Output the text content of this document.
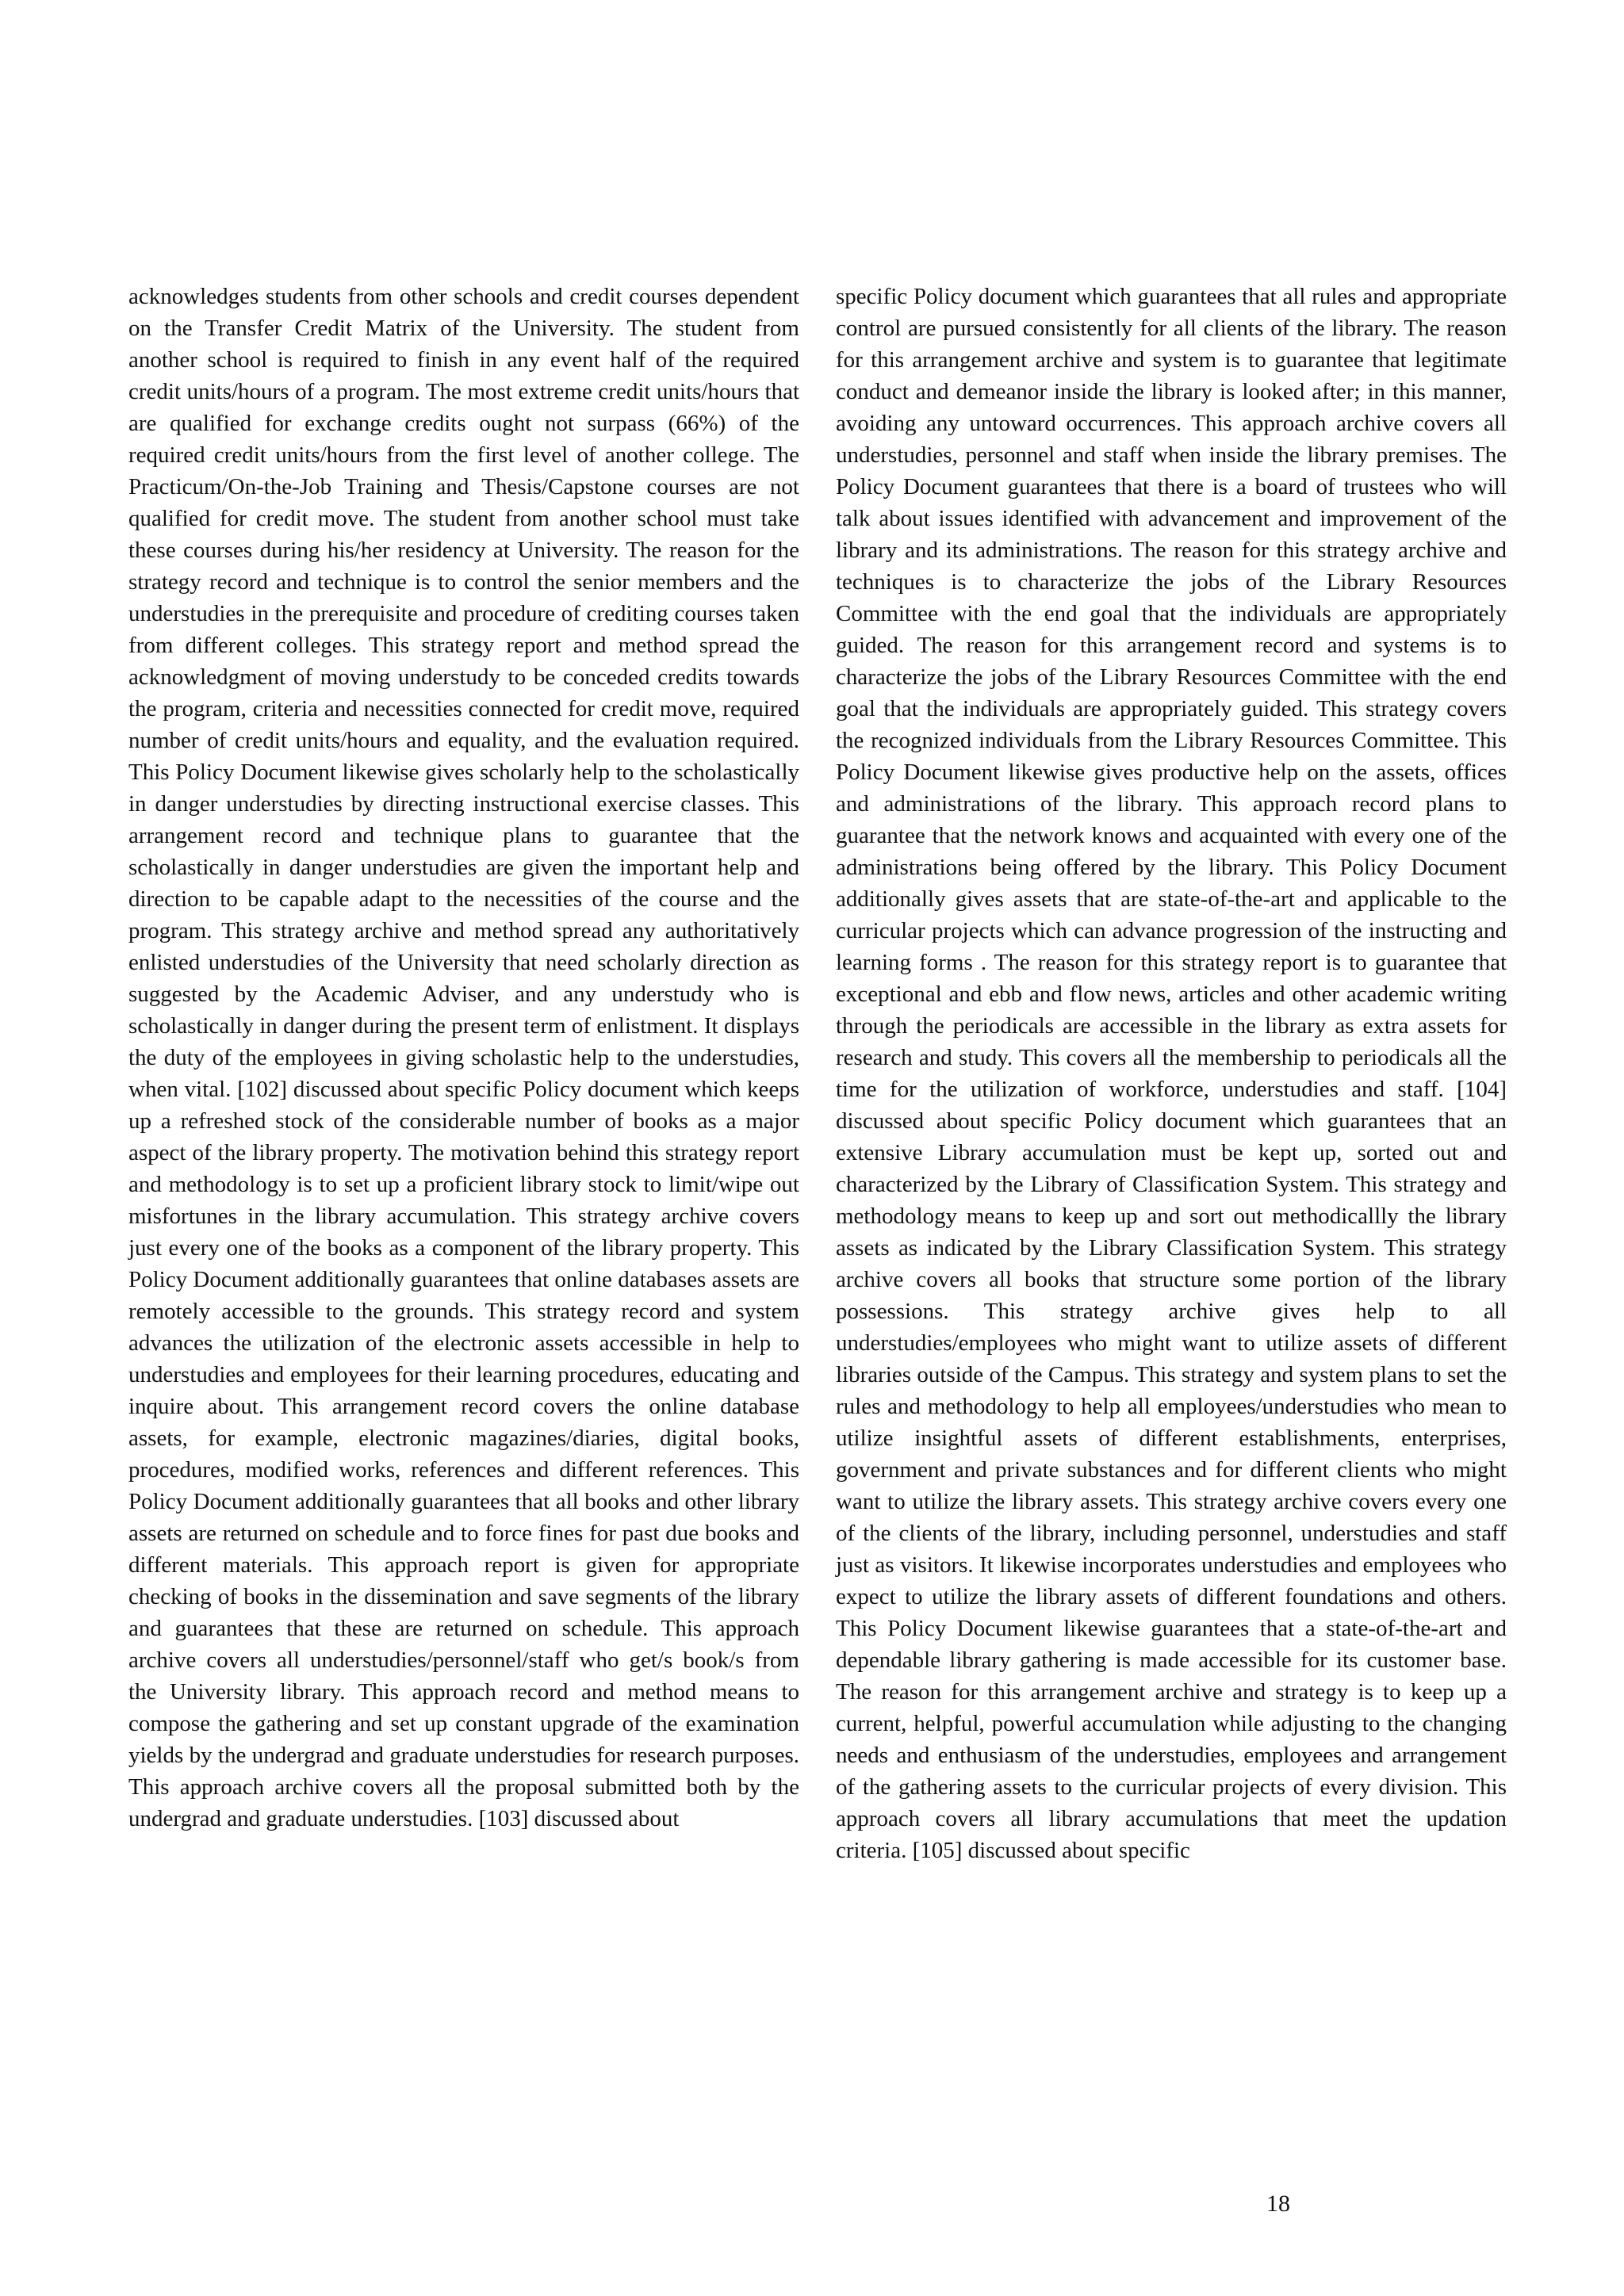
acknowledges students from other schools and credit courses dependent on the Transfer Credit Matrix of the University. The student from another school is required to finish in any event half of the required credit units/hours of a program. The most extreme credit units/hours that are qualified for exchange credits ought not surpass (66%) of the required credit units/hours from the first level of another college. The Practicum/On-the-Job Training and Thesis/Capstone courses are not qualified for credit move. The student from another school must take these courses during his/her residency at University. The reason for the strategy record and technique is to control the senior members and the understudies in the prerequisite and procedure of crediting courses taken from different colleges. This strategy report and method spread the acknowledgment of moving understudy to be conceded credits towards the program, criteria and necessities connected for credit move, required number of credit units/hours and equality, and the evaluation required. This Policy Document likewise gives scholarly help to the scholastically in danger understudies by directing instructional exercise classes. This arrangement record and technique plans to guarantee that the scholastically in danger understudies are given the important help and direction to be capable adapt to the necessities of the course and the program. This strategy archive and method spread any authoritatively enlisted understudies of the University that need scholarly direction as suggested by the Academic Adviser, and any understudy who is scholastically in danger during the present term of enlistment. It displays the duty of the employees in giving scholastic help to the understudies, when vital. [102] discussed about specific Policy document which keeps up a refreshed stock of the considerable number of books as a major aspect of the library property. The motivation behind this strategy report and methodology is to set up a proficient library stock to limit/wipe out misfortunes in the library accumulation. This strategy archive covers just every one of the books as a component of the library property. This Policy Document additionally guarantees that online databases assets are remotely accessible to the grounds. This strategy record and system advances the utilization of the electronic assets accessible in help to understudies and employees for their learning procedures, educating and inquire about. This arrangement record covers the online database assets, for example, electronic magazines/diaries, digital books, procedures, modified works, references and different references. This Policy Document additionally guarantees that all books and other library assets are returned on schedule and to force fines for past due books and different materials. This approach report is given for appropriate checking of books in the dissemination and save segments of the library and guarantees that these are returned on schedule. This approach archive covers all understudies/personnel/staff who get/s book/s from the University library. This approach record and method means to compose the gathering and set up constant upgrade of the examination yields by the undergrad and graduate understudies for research purposes. This approach archive covers all the proposal submitted both by the undergrad and graduate understudies. [103] discussed about

specific Policy document which guarantees that all rules and appropriate control are pursued consistently for all clients of the library. The reason for this arrangement archive and system is to guarantee that legitimate conduct and demeanor inside the library is looked after; in this manner, avoiding any untoward occurrences. This approach archive covers all understudies, personnel and staff when inside the library premises. The Policy Document guarantees that there is a board of trustees who will talk about issues identified with advancement and improvement of the library and its administrations. The reason for this strategy archive and techniques is to characterize the jobs of the Library Resources Committee with the end goal that the individuals are appropriately guided. The reason for this arrangement record and systems is to characterize the jobs of the Library Resources Committee with the end goal that the individuals are appropriately guided. This strategy covers the recognized individuals from the Library Resources Committee. This Policy Document likewise gives productive help on the assets, offices and administrations of the library. This approach record plans to guarantee that the network knows and acquainted with every one of the administrations being offered by the library. This Policy Document additionally gives assets that are state-of-the-art and applicable to the curricular projects which can advance progression of the instructing and learning forms . The reason for this strategy report is to guarantee that exceptional and ebb and flow news, articles and other academic writing through the periodicals are accessible in the library as extra assets for research and study. This covers all the membership to periodicals all the time for the utilization of workforce, understudies and staff. [104] discussed about specific Policy document which guarantees that an extensive Library accumulation must be kept up, sorted out and characterized by the Library of Classification System. This strategy and methodology means to keep up and sort out methodicallly the library assets as indicated by the Library Classification System. This strategy archive covers all books that structure some portion of the library possessions. This strategy archive gives help to all understudies/employees who might want to utilize assets of different libraries outside of the Campus. This strategy and system plans to set the rules and methodology to help all employees/understudies who mean to utilize insightful assets of different establishments, enterprises, government and private substances and for different clients who might want to utilize the library assets. This strategy archive covers every one of the clients of the library, including personnel, understudies and staff just as visitors. It likewise incorporates understudies and employees who expect to utilize the library assets of different foundations and others. This Policy Document likewise guarantees that a state-of-the-art and dependable library gathering is made accessible for its customer base. The reason for this arrangement archive and strategy is to keep up a current, helpful, powerful accumulation while adjusting to the changing needs and enthusiasm of the understudies, employees and arrangement of the gathering assets to the curricular projects of every division. This approach covers all library accumulations that meet the updation criteria. [105] discussed about specific

18
